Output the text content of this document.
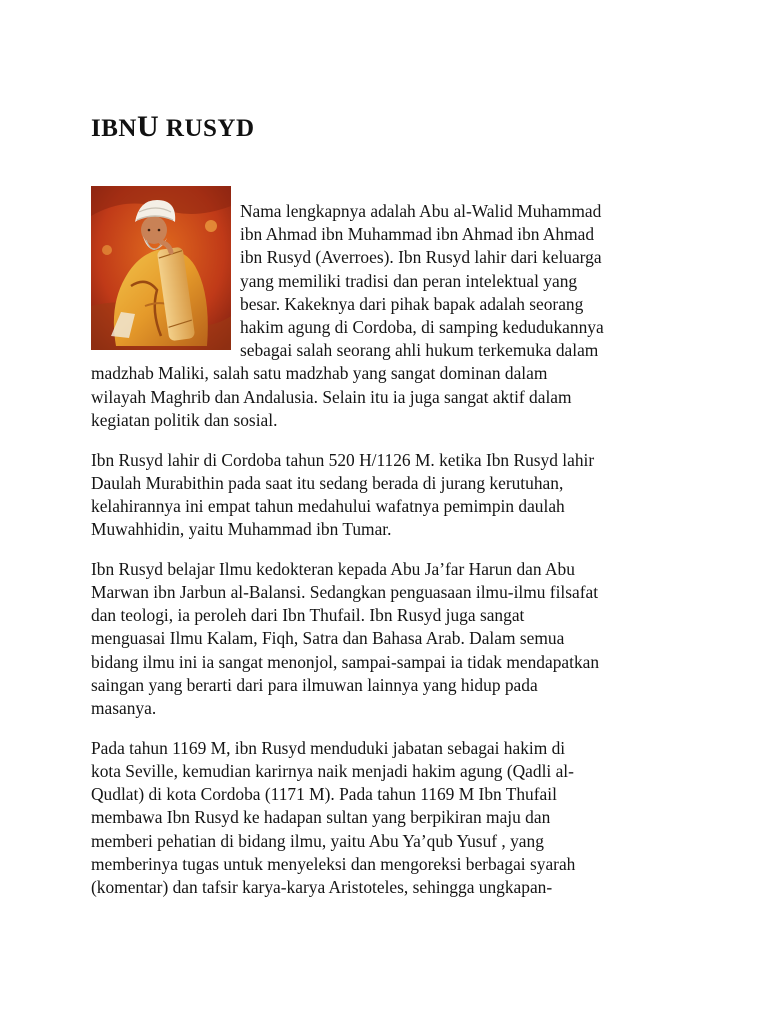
IBNU RUSYD
Nama lengkapnya adalah Abu al-Walid Muhammad
ibn Ahmad ibn Muhammad ibn Ahmad ibn Ahmad
ibn Rusyd (Averroes). Ibn Rusyd lahir dari keluarga
yang memiliki tradisi dan peran intelektual yang
besar. Kakeknya dari pihak bapak adalah seorang
hakim agung di Cordoba, di samping kedudukannya
sebagai salah seorang ahli hukum terkemuka dalam
madzhab Maliki, salah satu madzhab yang sangat dominan dalam
wilayah Maghrib dan Andalusia. Selain itu ia juga sangat aktif dalam
kegiatan politik dan sosial.
Ibn Rusyd lahir di Cordoba tahun 520 H/1126 M. ketika Ibn Rusyd lahir
Daulah Murabithin pada saat itu sedang berada di jurang kerutuhan,
kelahirannya ini empat tahun medahului wafatnya pemimpin daulah
Muwahhidin, yaitu Muhammad ibn Tumar.
Ibn Rusyd belajar Ilmu kedokteran kepada Abu Ja’far Harun dan Abu
Marwan ibn Jarbun al-Balansi. Sedangkan penguasaan ilmu-ilmu filsafat
dan teologi, ia peroleh dari Ibn Thufail. Ibn Rusyd juga sangat
menguasai Ilmu Kalam, Fiqh, Satra dan Bahasa Arab. Dalam semua
bidang ilmu ini ia sangat menonjol, sampai-sampai ia tidak mendapatkan
saingan yang berarti dari para ilmuwan lainnya yang hidup pada
masanya.
Pada tahun 1169 M, ibn Rusyd menduduki jabatan sebagai hakim di
kota Seville, kemudian karirnya naik menjadi hakim agung (Qadli al-
Qudlat) di kota Cordoba (1171 M). Pada tahun 1169 M Ibn Thufail
membawa Ibn Rusyd ke hadapan sultan yang berpikiran maju dan
memberi pehatian di bidang ilmu, yaitu Abu Ya’qub Yusuf , yang
memberinya tugas untuk menyeleksi dan mengoreksi berbagai syarah
(komentar) dan tafsir karya-karya Aristoteles, sehingga ungkapan-
